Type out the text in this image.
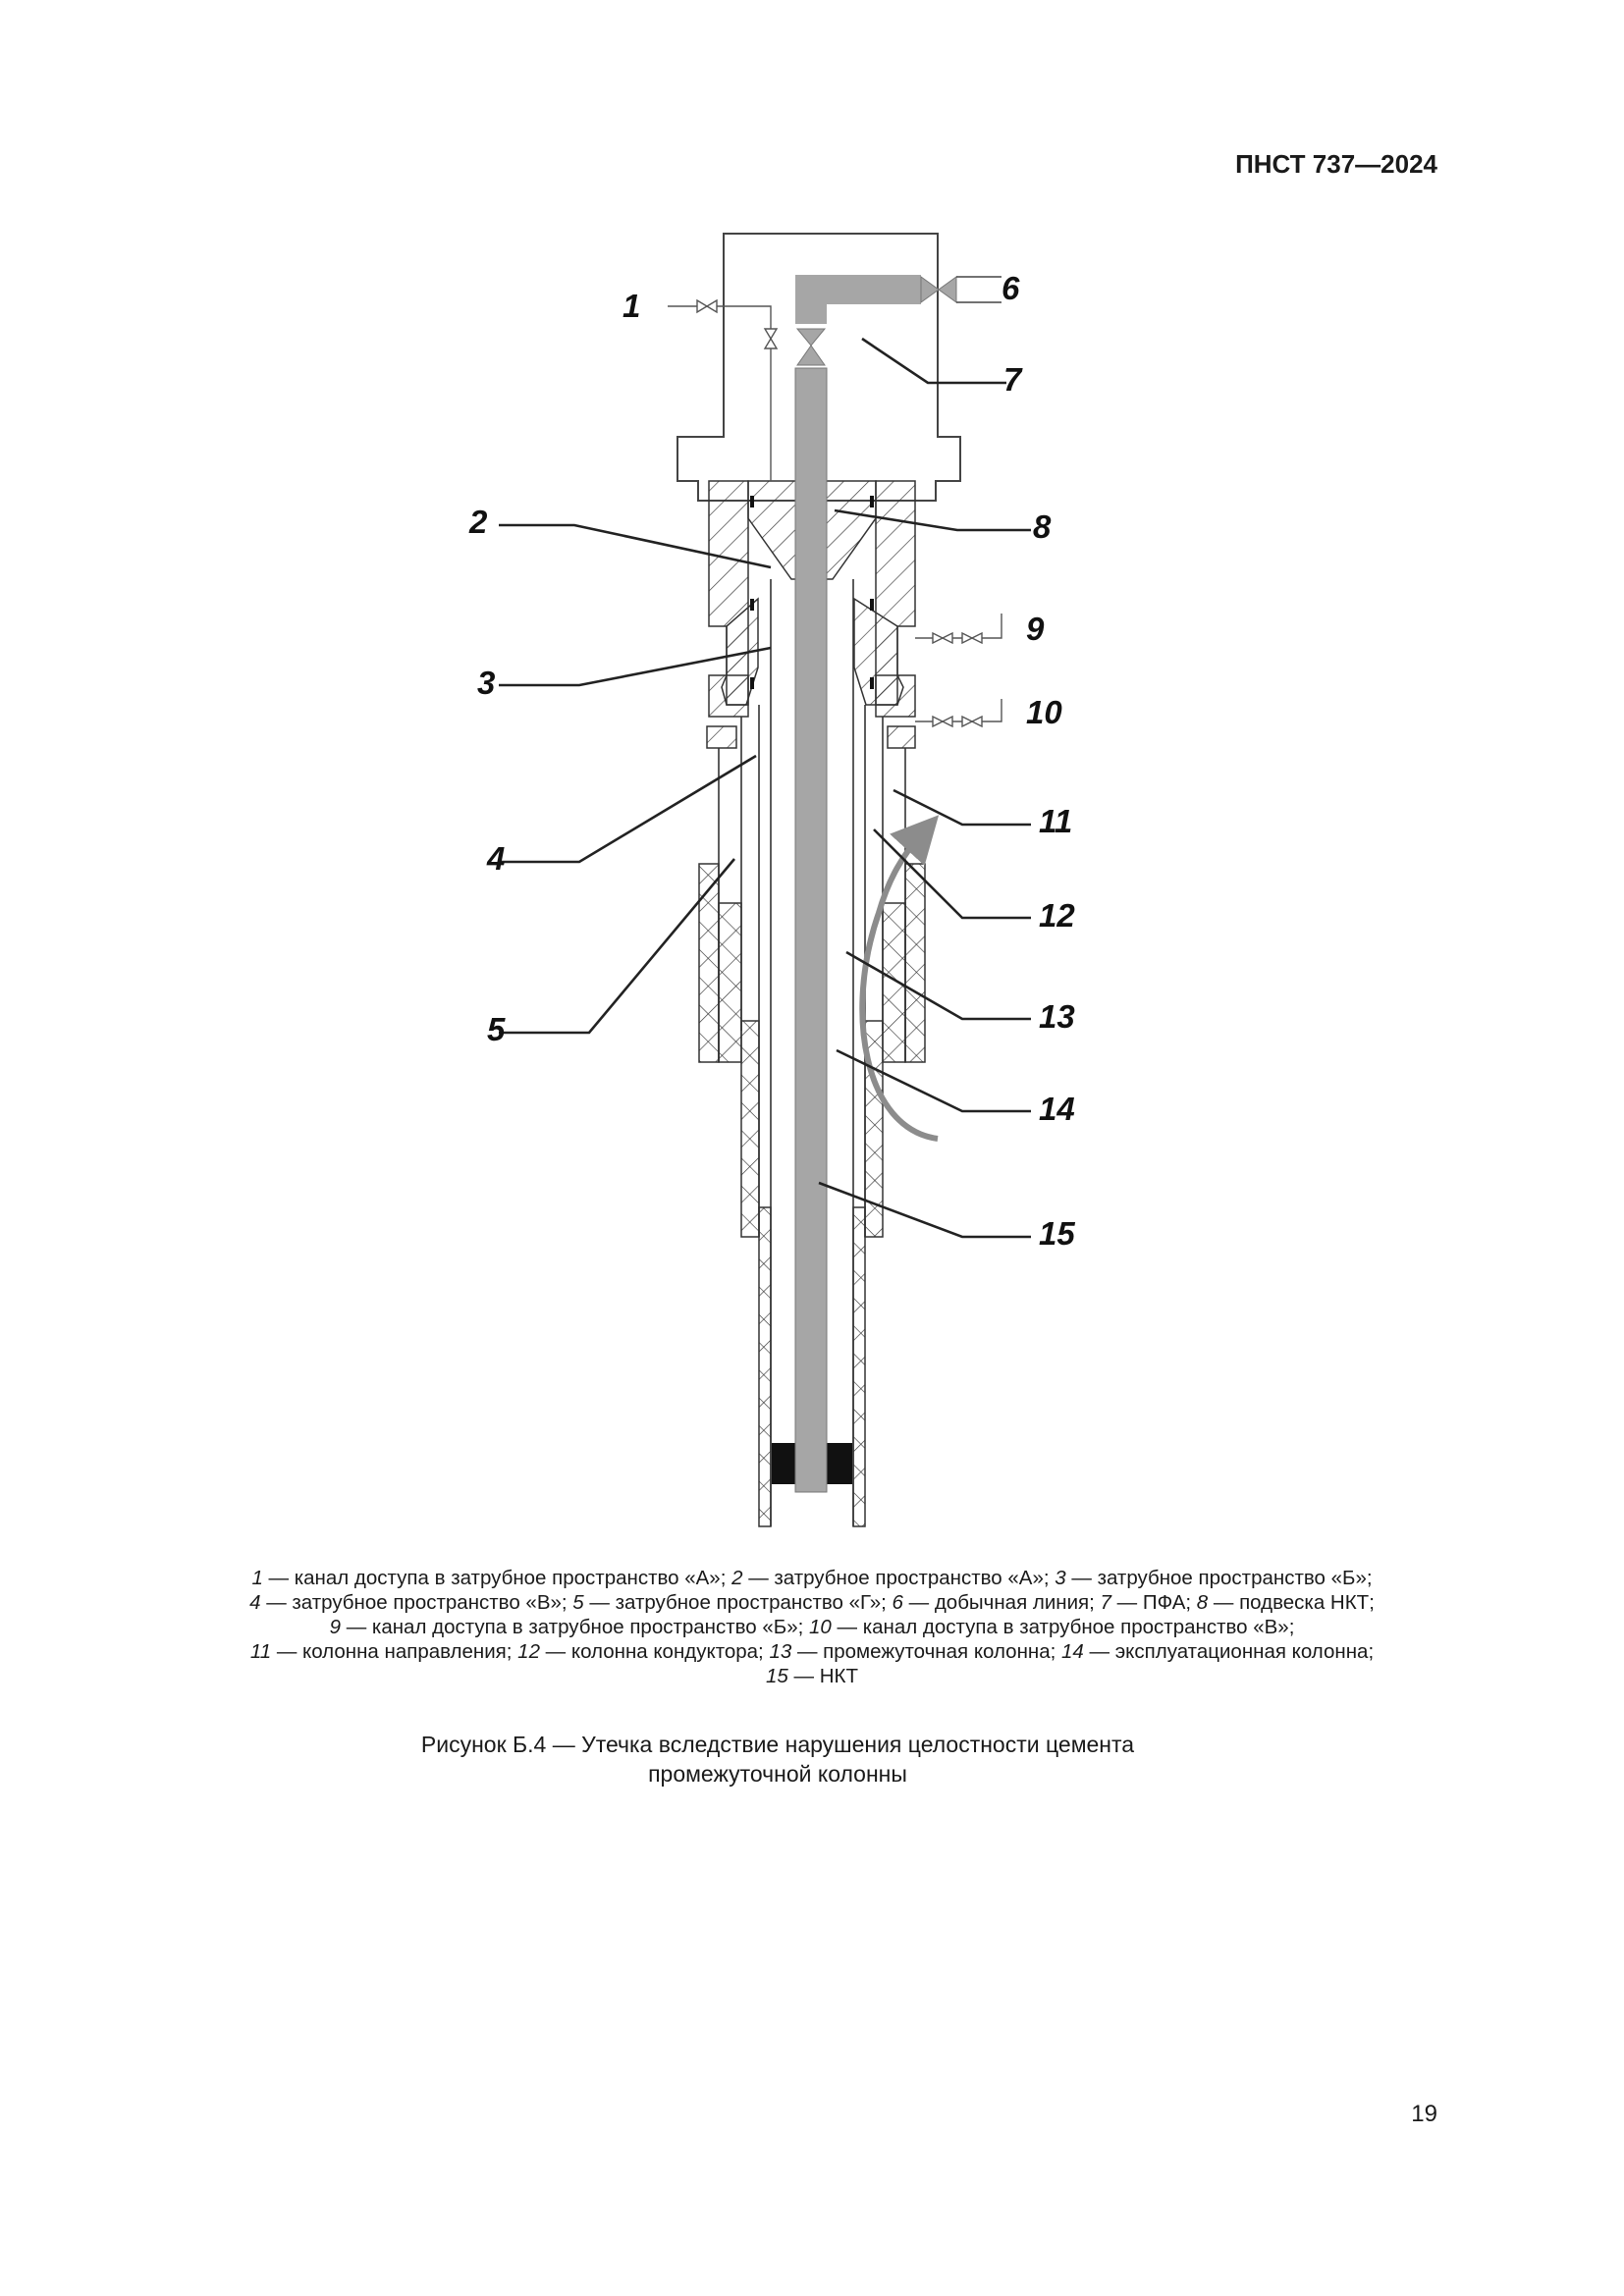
ПНСТ 737—2024
1
2
3
4
5
6
7
8
9
10
11
12
13
14
15
1 — канал доступа в затрубное пространство «А»; 2 — затрубное пространство «А»; 3 — затрубное пространство «Б»;
4 — затрубное пространство «В»; 5 — затрубное пространство «Г»; 6 — добычная линия; 7 — ПФА; 8 — подвеска НКТ;
9 — канал доступа в затрубное пространство «Б»; 10 — канал доступа в затрубное пространство «В»;
11 — колонна направления; 12 — колонна кондуктора; 13 — промежуточная колонна; 14 — эксплуатационная колонна;
15 — НКТ
Рисунок Б.4 — Утечка вследствие нарушения целостности цемента
промежуточной колонны
19
